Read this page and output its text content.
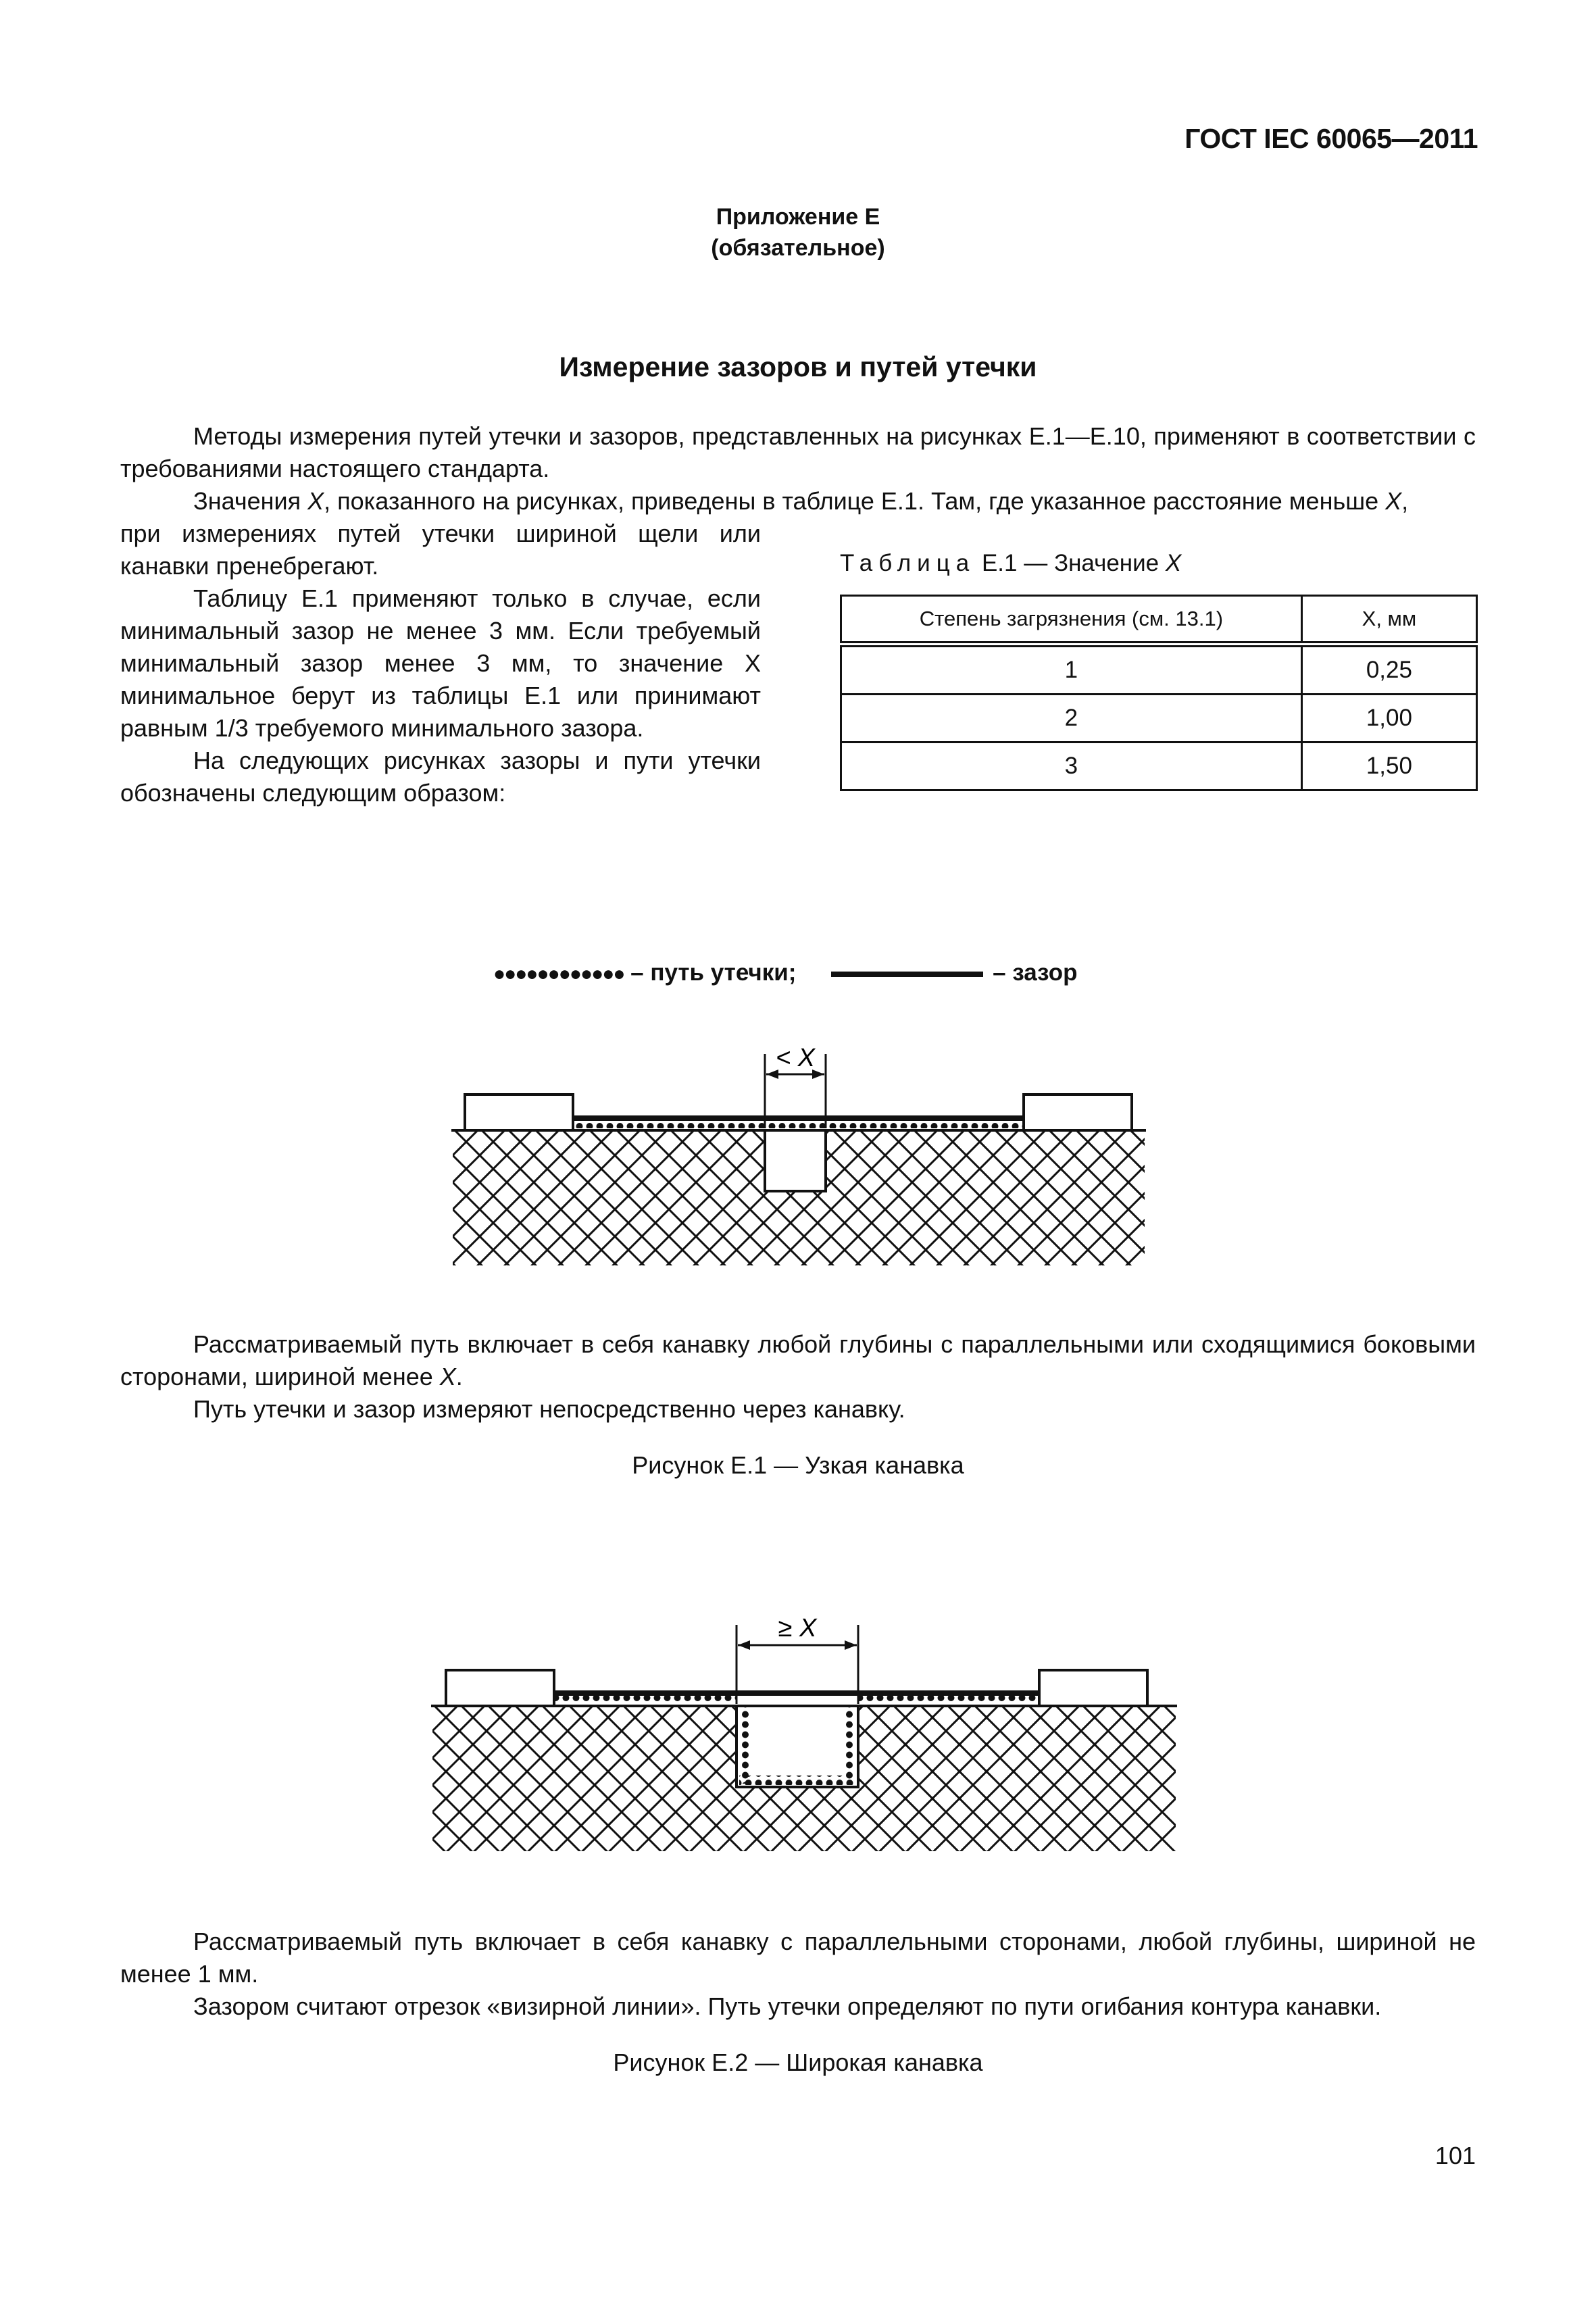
ГОСТ IEC 60065—2011
Приложение Е
(обязательное)
Измерение зазоров и путей утечки
Методы измерения путей утечки и зазоров, представленных на рисунках Е.1—Е.10, применяют в соответствии с требованиями настоящего стандарта.
Значения X, показанного на рисунках, приведены в таблице Е.1. Там, где указанное расстояние меньше X,
при измерениях путей утечки шириной щели или канавки пренебрегают.
Таблицу Е.1 применяют только в случае, если минимальный зазор не менее 3 мм. Если требуемый минимальный зазор менее 3 мм, то значение X минимальное берут из таблицы Е.1 или принимают равным 1/3 требуемого минимального зазора.
На следующих рисунках зазоры и пути утечки обозначены следующим образом:
Таблица Е.1 — Значение X
Степень загрязнения (см. 13.1)	X, мм
1	0,25
2	1,00
3	1,50
●●●●●●●●●●●● – путь утечки;	– зазор
< X
Рассматриваемый путь включает в себя канавку любой глубины с параллельными или сходящимися боковыми сторонами, шириной менее X.
Путь утечки и зазор измеряют непосредственно через канавку.
Рисунок Е.1 — Узкая канавка
≥ X
Рассматриваемый путь включает в себя канавку с параллельными сторонами, любой глубины, шириной не менее 1 мм.
Зазором считают отрезок «визирной линии». Путь утечки определяют по пути огибания контура канавки.
Рисунок Е.2 — Широкая канавка
101
